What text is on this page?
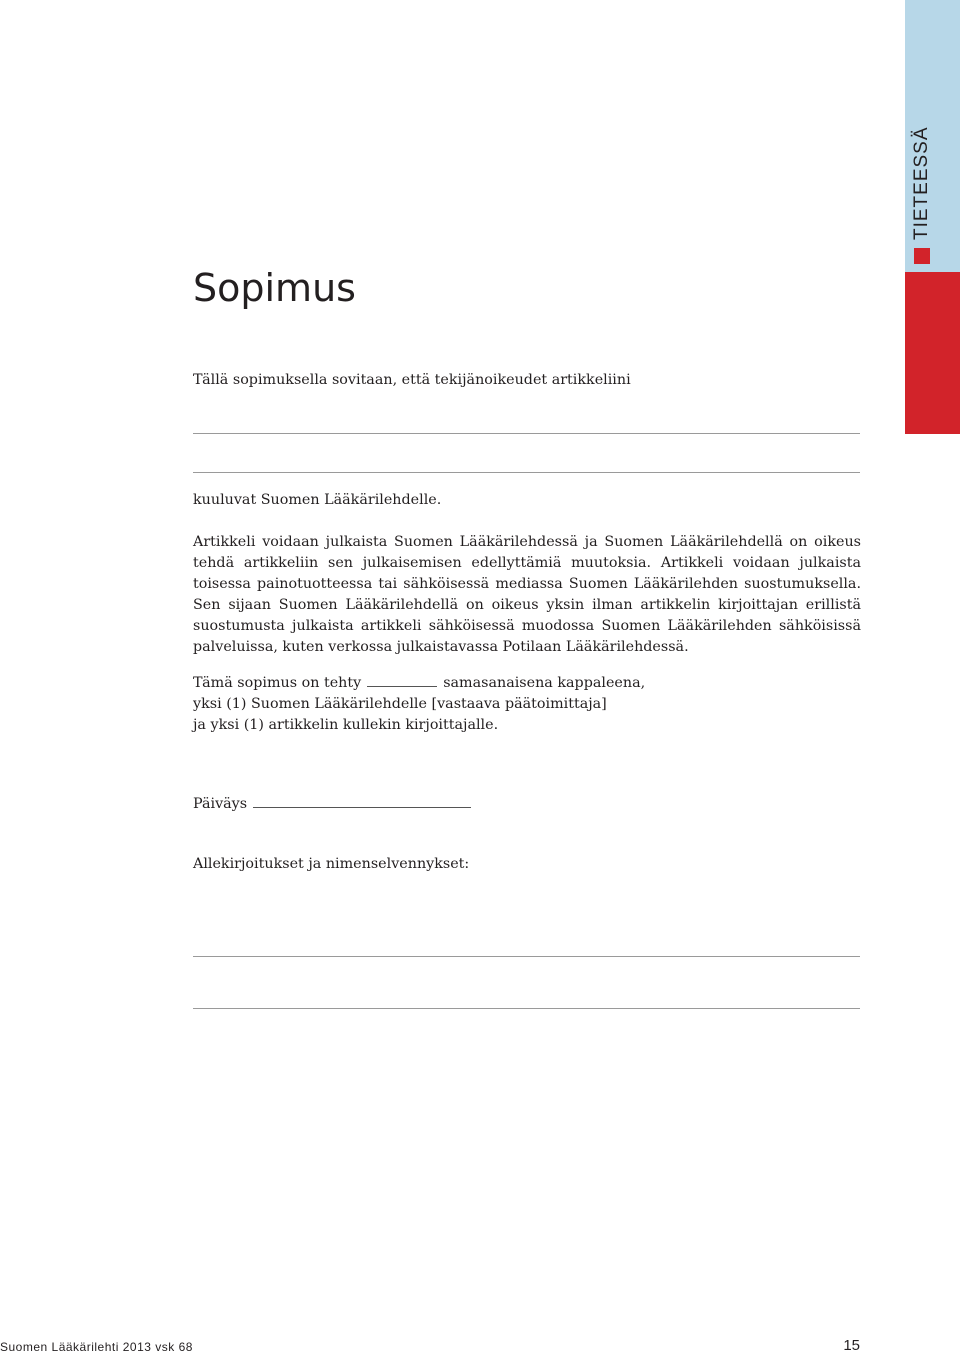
TIETEESSÄ
Sopimus

Tällä sopimuksella sovitaan, että tekijänoikeudet artikkeliini

kuuluvat Suomen Lääkärilehdelle.

Artikkeli voidaan julkaista Suomen Lääkärilehdessä ja Suomen Lääkärilehdellä on oikeus tehdä artikkeliin sen julkaisemisen edellyttämiä muutoksia. Artikkeli voidaan julkaista toisessa painotuotteessa tai sähköisessä mediassa Suomen Lääkärilehden suostumuksella. Sen sijaan Suomen Lääkärilehdellä on oikeus yksin ilman artikkelin kirjoittajan erillistä suostumusta julkaista artikkeli sähköisessä muodossa Suomen Lääkärilehden sähköisissä palveluissa, kuten verkossa julkaistavassa Potilaan Lääkärilehdessä.

Tämä sopimus on tehty	samasanaisena kappaleena,

yksi (1) Suomen Lääkärilehdelle [vastaava päätoimittaja]

ja yksi (1) artikkelin kullekin kirjoittajalle.

Päiväys

Allekirjoitukset ja nimenselvennykset:

Suomen Lääkärilehti 2013 vsk 68	15
